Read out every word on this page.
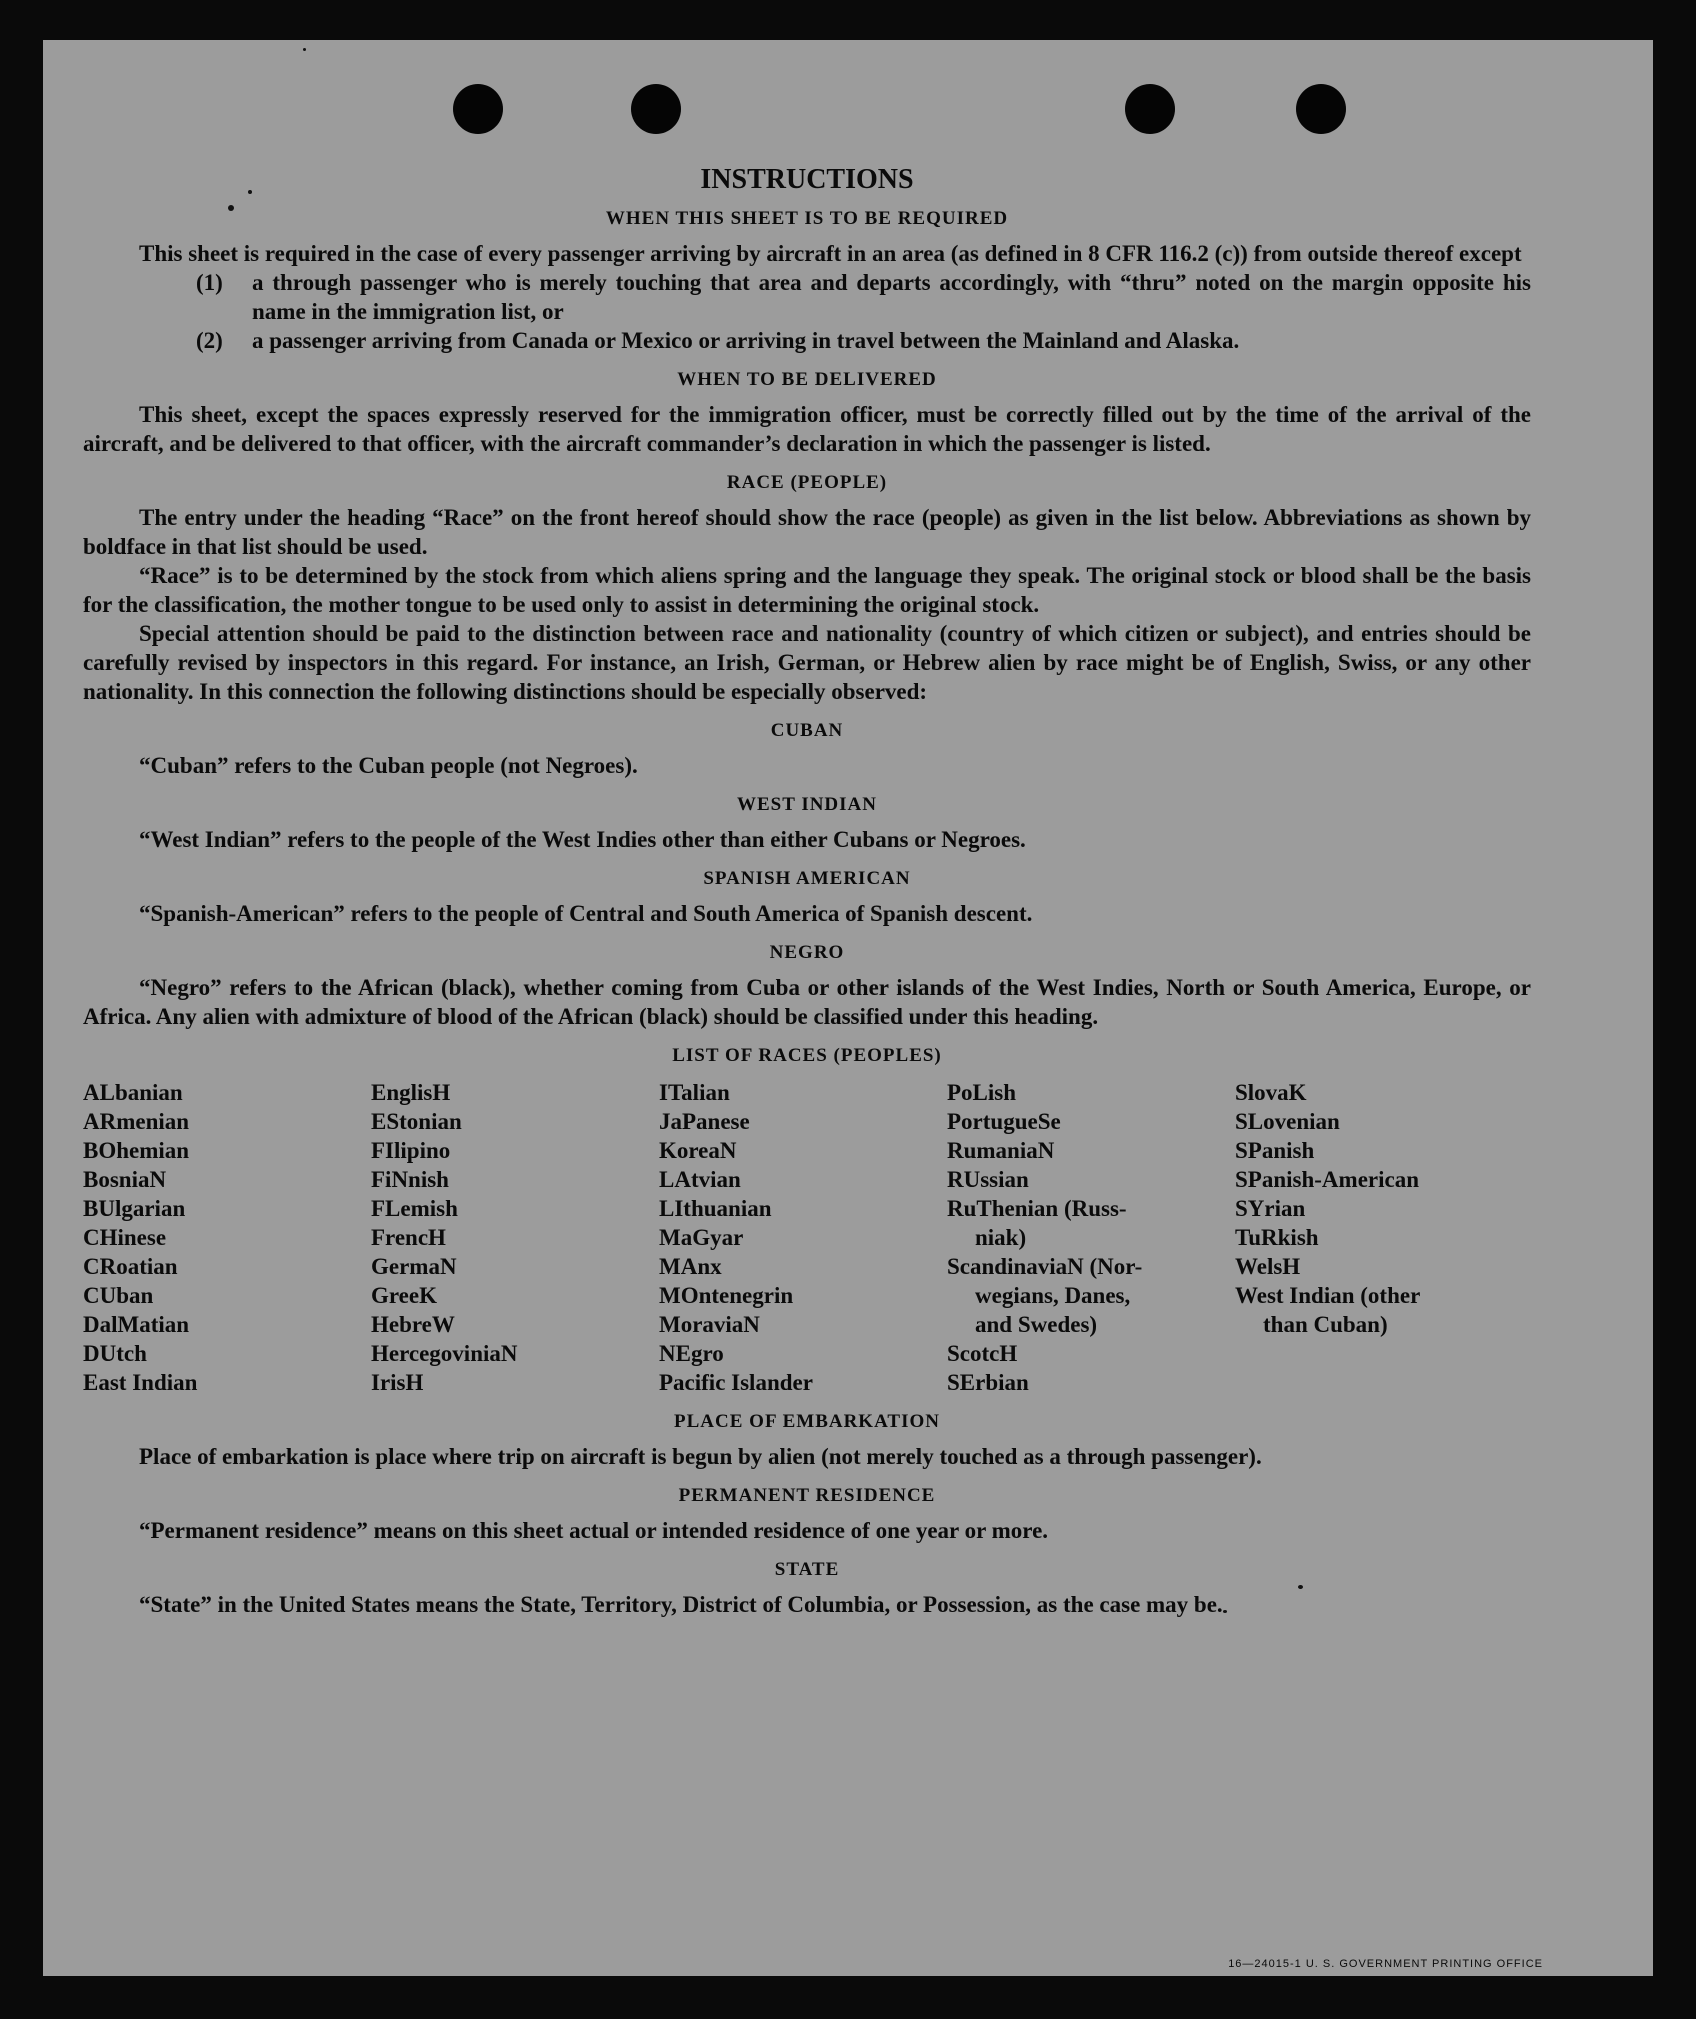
INSTRUCTIONS
WHEN THIS SHEET IS TO BE REQUIRED

This sheet is required in the case of every passenger arriving by aircraft in an area (as defined in 8 CFR 116.2 (c)) from outside thereof except

(1)	a through passenger who is merely touching that area and departs accordingly, with “thru” noted on the margin opposite his name in the immigration list, or
(2)	a passenger arriving from Canada or Mexico or arriving in travel between the Mainland and Alaska.
WHEN TO BE DELIVERED

This sheet, except the spaces expressly reserved for the immigration officer, must be correctly filled out by the time of the arrival of the aircraft, and be delivered to that officer, with the aircraft commander’s declaration in which the passenger is listed.

RACE (PEOPLE)

The entry under the heading “Race” on the front hereof should show the race (people) as given in the list below. Abbreviations as shown by boldface in that list should be used.

“Race” is to be determined by the stock from which aliens spring and the language they speak. The original stock or blood shall be the basis for the classification, the mother tongue to be used only to assist in determining the original stock.

Special attention should be paid to the distinction between race and nationality (country of which citizen or subject), and entries should be carefully revised by inspectors in this regard. For instance, an Irish, German, or Hebrew alien by race might be of English, Swiss, or any other nationality. In this connection the following distinctions should be especially observed:

CUBAN

“Cuban” refers to the Cuban people (not Negroes).

WEST INDIAN

“West Indian” refers to the people of the West Indies other than either Cubans or Negroes.

SPANISH AMERICAN

“Spanish-American” refers to the people of Central and South America of Spanish descent.

NEGRO

“Negro” refers to the African (black), whether coming from Cuba or other islands of the West Indies, North or South America, Europe, or Africa. Any alien with admixture of blood of the African (black) should be classified under this heading.

LIST OF RACES (PEOPLES)
ALbanian
ARmenian
BOhemian
BosniaN
BUlgarian
CHinese
CRoatian
CUban
DalMatian
DUtch
East Indian
EnglisH
EStonian
FIlipino
FiNnish
FLemish
FrencH
GermaN
GreeK
HebreW
HercegoviniaN
IrisH
ITalian
JaPanese
KoreaN
LAtvian
LIthuanian
MaGyar
MAnx
MOntenegrin
MoraviaN
NEgro
Pacific Islander
PoLish
PortugueSe
RumaniaN
RUssian
RuThenian (Russ-
niak)
ScandinaviaN (Nor-
wegians, Danes,
and Swedes)
ScotcH
SErbian
SlovaK
SLovenian
SPanish
SPanish-American
SYrian
TuRkish
WelsH
West Indian (other
than Cuban)
PLACE OF EMBARKATION

Place of embarkation is place where trip on aircraft is begun by alien (not merely touched as a through passenger).

PERMANENT RESIDENCE

“Permanent residence” means on this sheet actual or intended residence of one year or more.

STATE

“State” in the United States means the State, Territory, District of Columbia, or Possession, as the case may be.

16—24015-1 U. S. GOVERNMENT PRINTING OFFICE
